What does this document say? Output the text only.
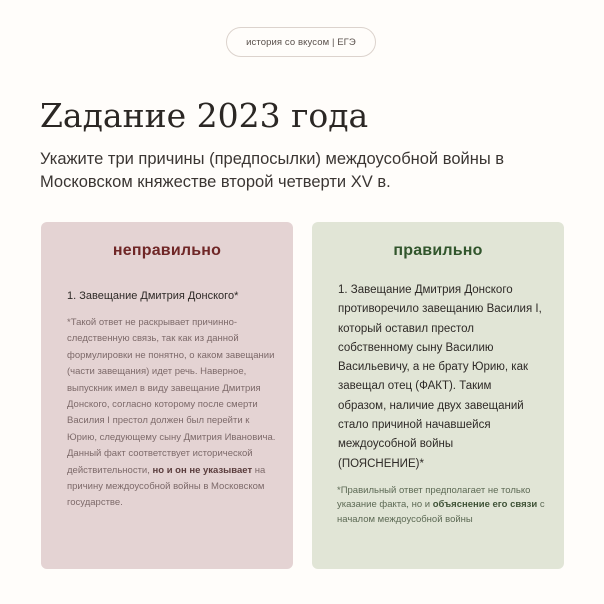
история со вкусом | ЕГЭ
Zадание 2023 года

Укажите три причины (предпосылки) междоусобной войны в Московском княжестве второй четверти XV в.

неправильно

1. Завещание Дмитрия Донского*

*Такой ответ не раскрывает причинно-следственную связь, так как из данной формулировки не понятно, о каком завещании (части завещания) идет речь. Наверное, выпускник имел в виду завещание Дмитрия Донского, согласно которому после смерти Василия I престол должен был перейти к Юрию, следующему сыну Дмитрия Ивановича. Данный факт соответствует исторической действительности, но и он не указывает на причину междоусобной войны в Московском государстве.

правильно

1. Завещание Дмитрия Донского противоречило завещанию Василия I, который оставил престол собственному сыну Василию Васильевичу, а не брату Юрию, как завещал отец (ФАКТ). Таким образом, наличие двух завещаний стало причиной начавшейся междоусобной войны (ПОЯСНЕНИЕ)*

*Правильный ответ предполагает не только указание факта, но и объяснение его связи с началом междоусобной войны
